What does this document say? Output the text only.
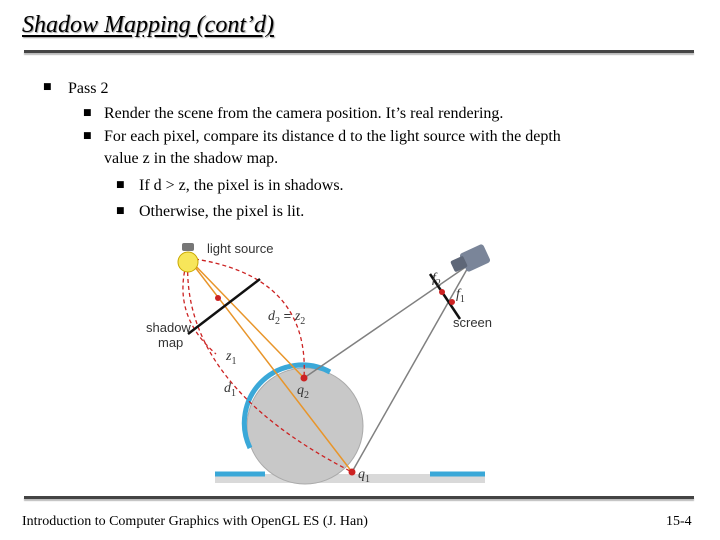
Shadow Mapping (cont’d)
■ Pass 2
■ Render the scene from the camera position. It’s real rendering.
■ For each pixel, compare its distance d to the light source with the depth
value z in the shadow map.
■ If d > z, the pixel is in shadows.
■ Otherwise, the pixel is lit.
light source
shadow
map
screen
$d_2$ = $z_2$
$z_1$
$d_1$	$q_2$
$q_1$
$f_2$
$f_1$
Introduction to Computer Graphics with OpenGL ES (J. Han)	15-4
